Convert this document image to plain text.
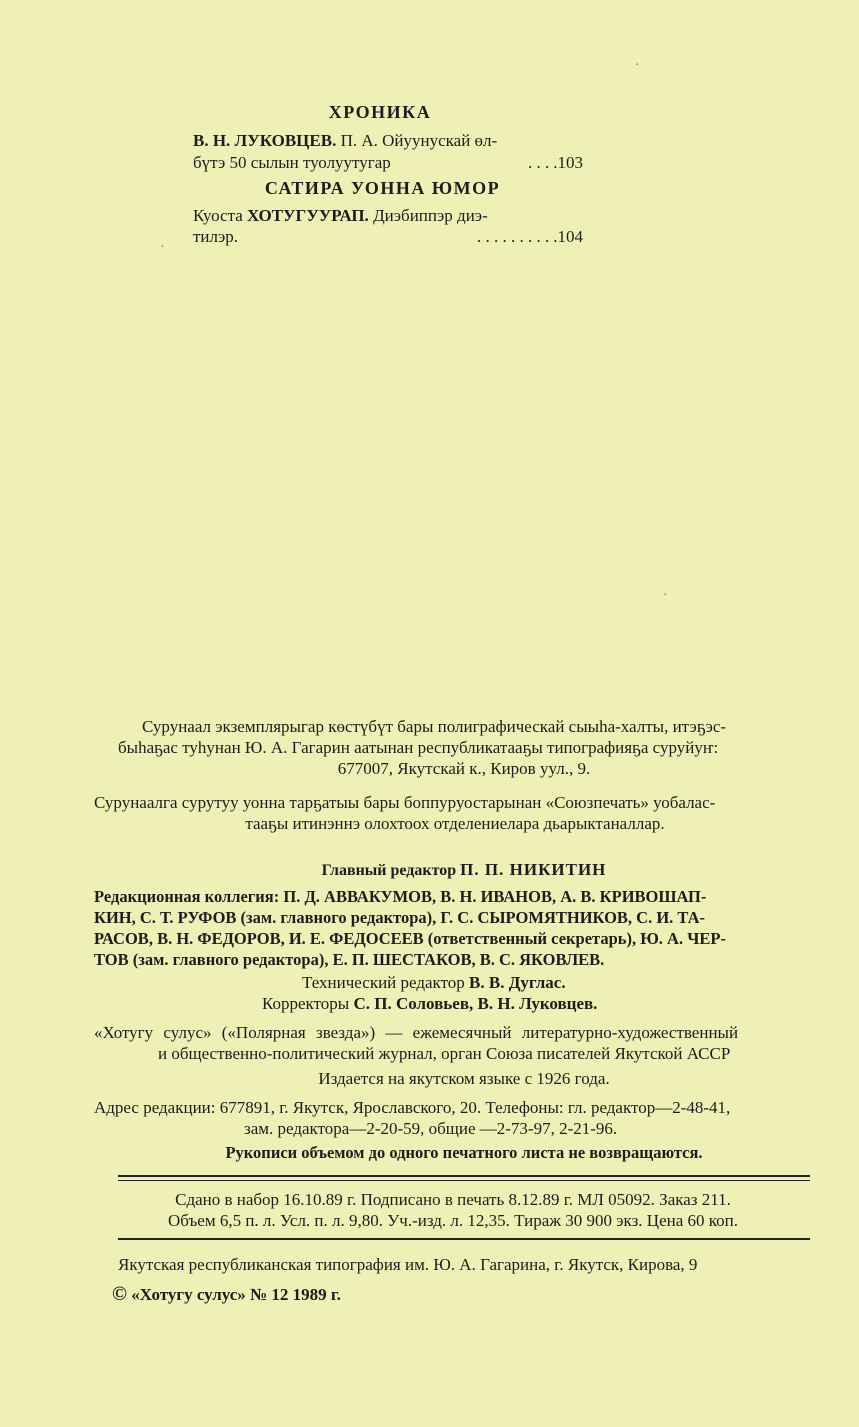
ХРОНИКА
В. Н. ЛУКОВЦЕВ. П. А. Ойуунускай өл-
бүтэ 50 сылын туолуутугар	. . . .103
САТИРА УОННА ЮМОР
Куоста ХОТУГУУРАП. Диэбиппэр диэ-
тилэр.	. . . . . . . . . .104
Сурунаал экземплярыгар көстүбүт бары полиграфическай сыыһа-халты, итэҕэс-
быһаҕас туһунан Ю. А. Гагарин аатынан республикатааҕы типографияҕа суруйуҥ:
677007, Якутскай к., Киров уул., 9.
Сурунаалга сурутуу уонна тарҕатыы бары боппуруостарынан «Союзпечать» уобалас-
тааҕы итинэннэ олохтоох отделениелара дьарыктаналлар.
Главный редактор П. П. НИКИТИН
Редакционная коллегия: П. Д. АВВАКУМОВ, В. Н. ИВАНОВ, А. В. КРИВОШАП-
КИН, С. Т. РУФОВ (зам. главного редактора), Г. С. СЫРОМЯТНИКОВ, С. И. ТА-
РАСОВ, В. Н. ФЕДОРОВ, И. Е. ФЕДОСЕЕВ (ответственный секретарь), Ю. А. ЧЕР-
ТОВ (зам. главного редактора), Е. П. ШЕСТАКОВ, В. С. ЯКОВЛЕВ.
Технический редактор В. В. Дуглас.
Корректоры С. П. Соловьев, В. Н. Луковцев.
«Хотугу сулус» («Полярная звезда») — ежемесячный литературно-художественный
и общественно-политический журнал, орган Союза писателей Якутской АССР
Издается на якутском языке с 1926 года.
Адрес редакции: 677891, г. Якутск, Ярославского, 20. Телефоны: гл. редактор—2-48-41,
зам. редактора—2-20-59, общие —2-73-97, 2-21-96.
Рукописи объемом до одного печатного листа не возвращаются.
Сдано в набор 16.10.89 г. Подписано в печать 8.12.89 г. МЛ 05092. Заказ 211.
Объем 6,5 п. л. Усл. п. л. 9,80. Уч.-изд. л. 12,35. Тираж 30 900 экз. Цена 60 коп.
Якутская республиканская типография им. Ю. А. Гагарина, г. Якутск, Кирова, 9
© «Хотугу сулус» № 12 1989 г.
·
·
·
